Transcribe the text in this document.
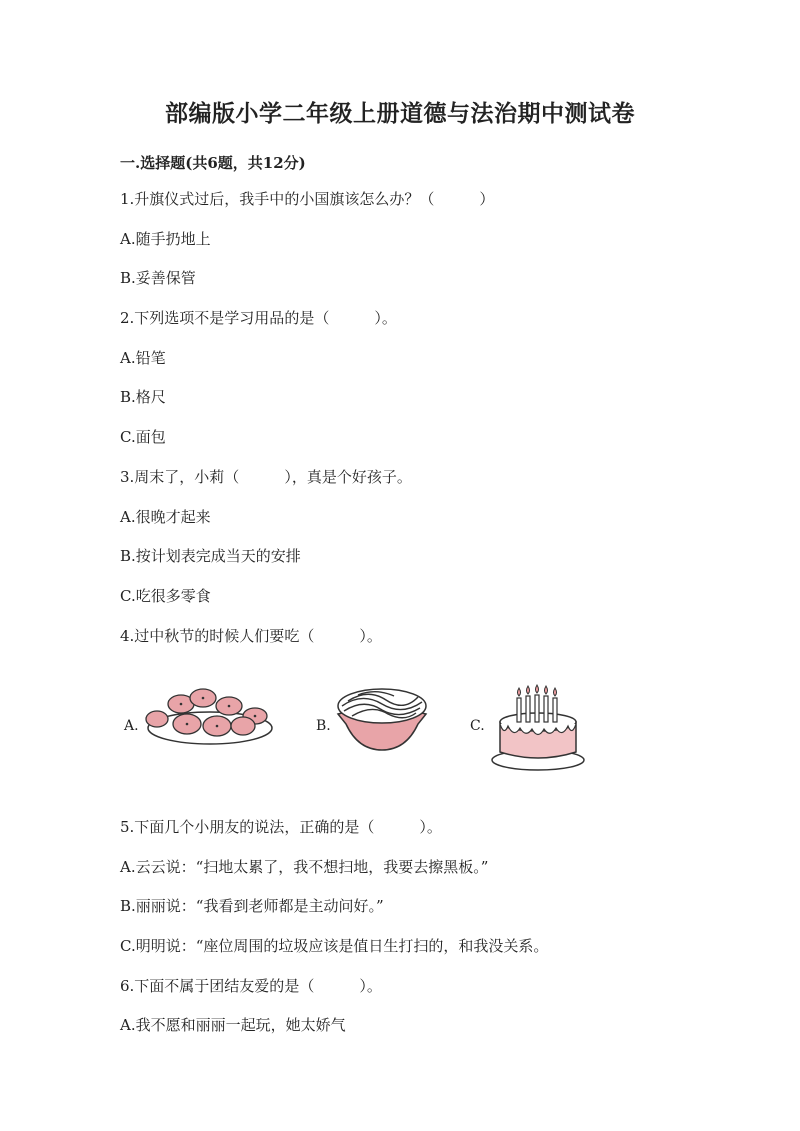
部编版小学二年级上册道德与法治期中测试卷
一.选择题(共6题，共12分)
1.升旗仪式过后，我手中的小国旗该怎么办？（　　　）
A.随手扔地上
B.妥善保管
2.下列选项不是学习用品的是（　　　）。
A.铅笔
B.格尺
C.面包
3.周末了，小莉（　　　），真是个好孩子。
A.很晚才起来
B.按计划表完成当天的安排
C.吃很多零食
4.过中秋节的时候人们要吃（　　　）。
A.	B.	C.
5.下面几个小朋友的说法，正确的是（　　　）。
A.云云说：“扫地太累了，我不想扫地，我要去擦黑板。”
B.丽丽说：“我看到老师都是主动问好。”
C.明明说：“座位周围的垃圾应该是值日生打扫的，和我没关系。
6.下面不属于团结友爱的是（　　　）。
A.我不愿和丽丽一起玩，她太娇气
